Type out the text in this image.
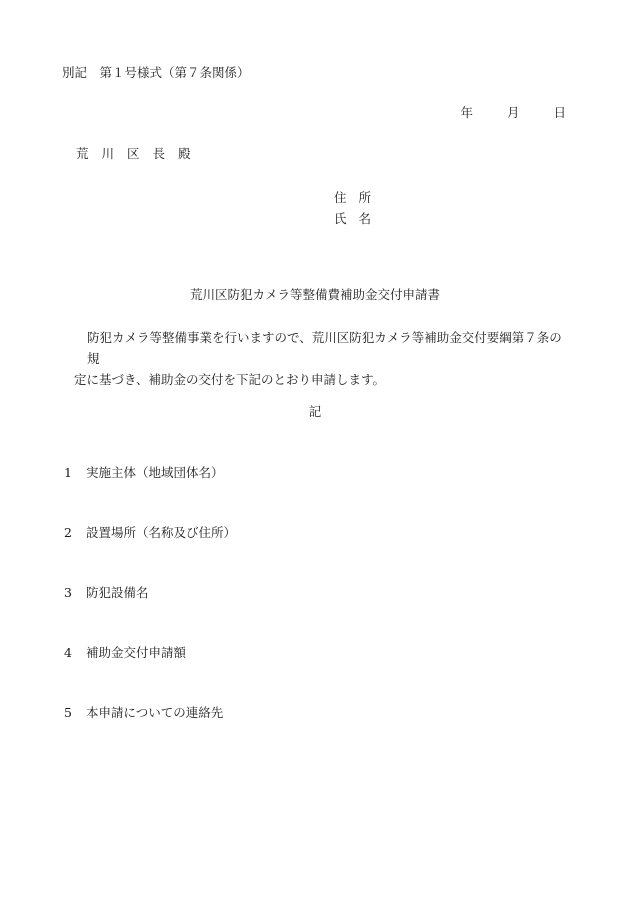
別記　第１号様式（第７条関係）
年	月	日
荒 川 区 長 殿
住 所
氏 名
荒川区防犯カメラ等整備費補助金交付申請書
防犯カメラ等整備事業を行いますので、荒川区防犯カメラ等補助金交付要綱第７条の規
定に基づき、補助金の交付を下記のとおり申請します。
記
1 実施主体（地域団体名）
2 設置場所（名称及び住所）
3 防犯設備名
4 補助金交付申請額
5 本申請についての連絡先
